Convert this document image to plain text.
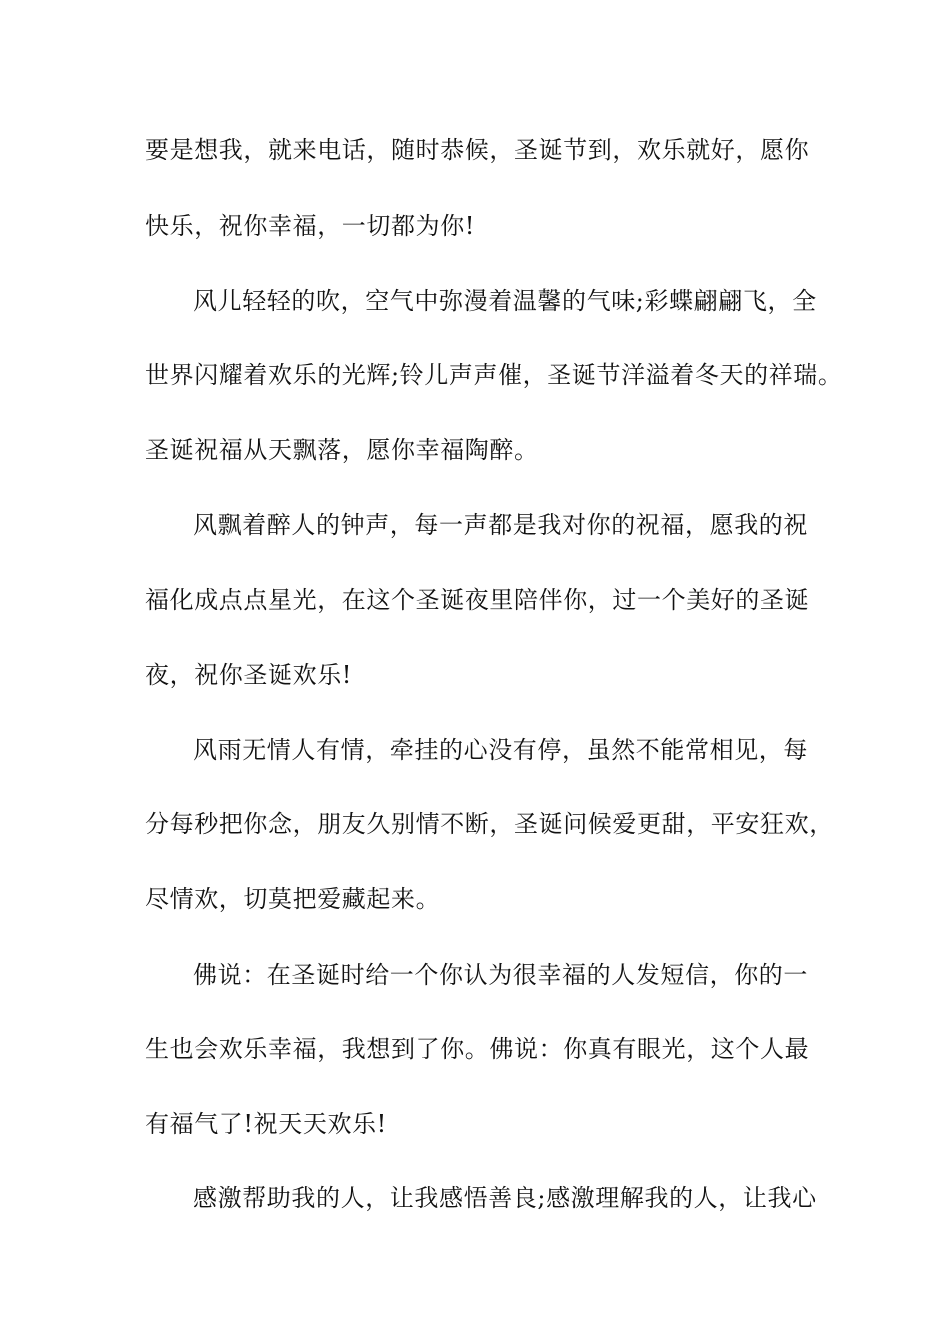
要是想我，就来电话，随时恭候，圣诞节到，欢乐就好，愿你
快乐，祝你幸福，一切都为你!
风儿轻轻的吹，空气中弥漫着温馨的气味;彩蝶翩翩飞，全
世界闪耀着欢乐的光辉;铃儿声声催，圣诞节洋溢着冬天的祥瑞。
圣诞祝福从天飘落，愿你幸福陶醉。
风飘着醉人的钟声，每一声都是我对你的祝福，愿我的祝
福化成点点星光，在这个圣诞夜里陪伴你，过一个美好的圣诞
夜，祝你圣诞欢乐!
风雨无情人有情，牵挂的心没有停，虽然不能常相见，每
分每秒把你念，朋友久别情不断，圣诞问候爱更甜，平安狂欢，
尽情欢，切莫把爱藏起来。
佛说：在圣诞时给一个你认为很幸福的人发短信，你的一
生也会欢乐幸福，我想到了你。佛说：你真有眼光，这个人最
有福气了!祝天天欢乐!
感激帮助我的人，让我感悟善良;感激理解我的人，让我心
